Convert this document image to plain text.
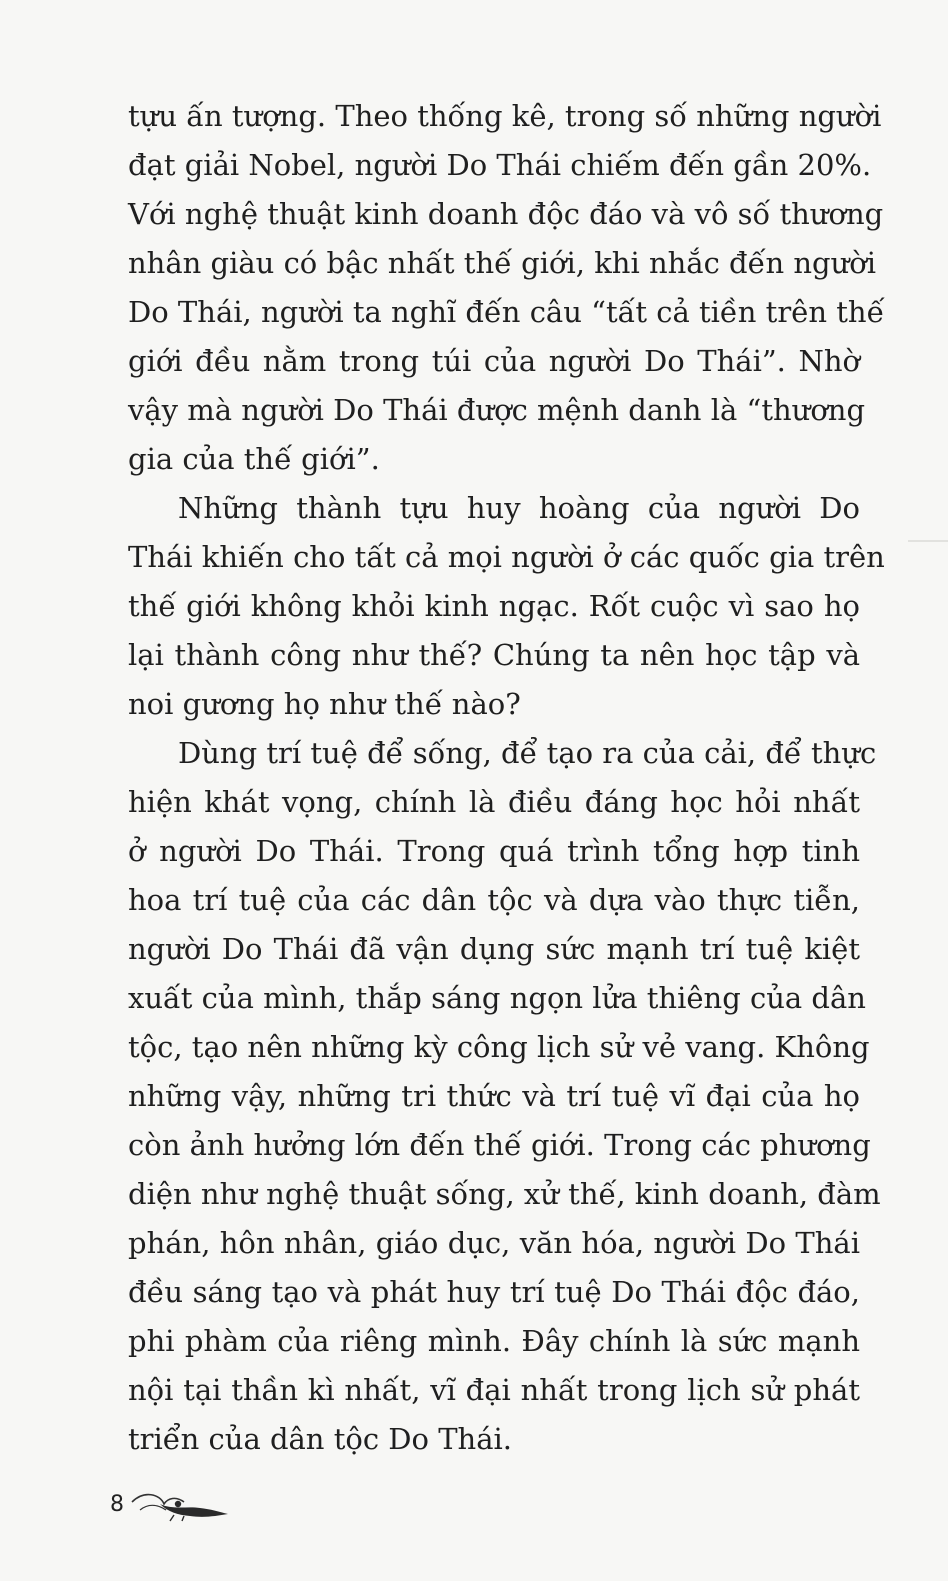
tựu ấn tượng. Theo thống kê, trong số những người
đạt giải Nobel, người Do Thái chiếm đến gần 20%.
Với nghệ thuật kinh doanh độc đáo và vô số thương
nhân giàu có bậc nhất thế giới, khi nhắc đến người
Do Thái, người ta nghĩ đến câu “tất cả tiền trên thế
giới đều nằm trong túi của người Do Thái”. Nhờ
vậy mà người Do Thái được mệnh danh là “thương
gia của thế giới”.
Những thành tựu huy hoàng của người Do
Thái khiến cho tất cả mọi người ở các quốc gia trên
thế giới không khỏi kinh ngạc. Rốt cuộc vì sao họ
lại thành công như thế? Chúng ta nên học tập và
noi gương họ như thế nào?
Dùng trí tuệ để sống, để tạo ra của cải, để thực
hiện khát vọng, chính là điều đáng học hỏi nhất
ở người Do Thái. Trong quá trình tổng hợp tinh
hoa trí tuệ của các dân tộc và dựa vào thực tiễn,
người Do Thái đã vận dụng sức mạnh trí tuệ kiệt
xuất của mình, thắp sáng ngọn lửa thiêng của dân
tộc, tạo nên những kỳ công lịch sử vẻ vang. Không
những vậy, những tri thức và trí tuệ vĩ đại của họ
còn ảnh hưởng lớn đến thế giới. Trong các phương
diện như nghệ thuật sống, xử thế, kinh doanh, đàm
phán, hôn nhân, giáo dục, văn hóa, người Do Thái
đều sáng tạo và phát huy trí tuệ Do Thái độc đáo,
phi phàm của riêng mình. Đây chính là sức mạnh
nội tại thần kì nhất, vĩ đại nhất trong lịch sử phát
triển của dân tộc Do Thái.
8
